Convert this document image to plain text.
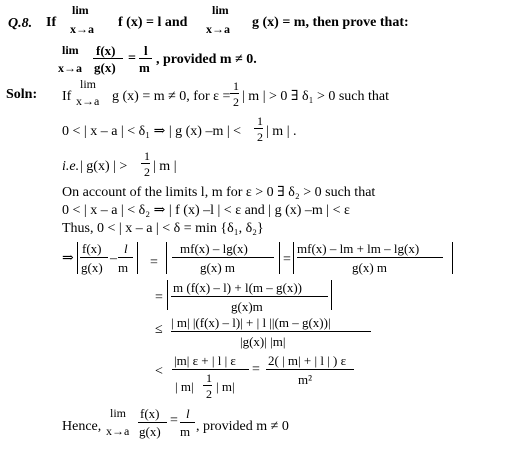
Q.8. If
lim
x→a f (x) = l and
lim
x→a g (x) = m, then prove that:
lim
x→a
f(x)
g(x)
=
l
m
, provided m ≠ 0.
Soln: If
lim
x→a g (x) = m ≠ 0, for ε =
1
2 | m | > 0 ∃ δ₁ > 0 such that
0 < | x – a | < δ₁ ⇒ | g (x) –m | <
1
2 | m | .
i.e. | g(x) | >
1
2 | m |
On account of the limits l, m for ε > 0 ∃ δ₂ > 0 such that
0 < | x – a | < δ₂ ⇒ | f (x) –l | < ε and | g (x) –m | < ε
Thus, 0 < | x – a | < δ = min {δ₁, δ₂}
⇒
f(x)
g(x)
–
l
m =
mf(x) – lg(x)
g(x) m
=
mf(x) – lm + lm – lg(x)
g(x) m
=
m (f(x) – l) + l(m – g(x))
g(x)m
≤ | m| |(f(x) – l)| + | l ||(m – g(x))|
|g(x)| |m|
<
|m| ε + | l | ε
| m|
1
2 | m|
=
2( | m| + | l | ) ε
m²
Hence,
lim
x→a
f(x)
g(x)
= l
m , provided m ≠ 0
